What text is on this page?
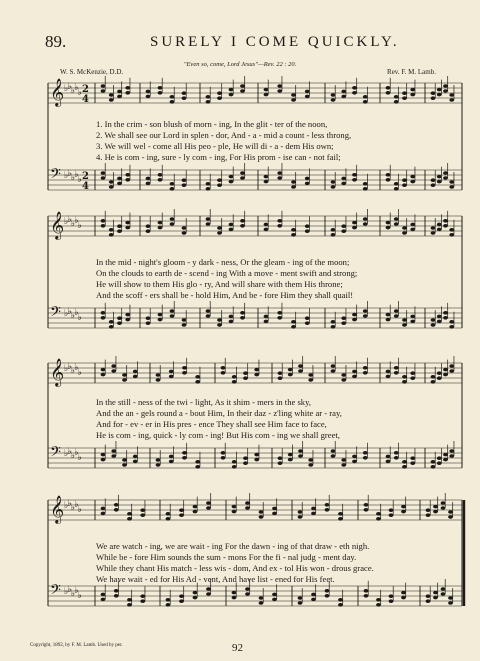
89.	SURELY I COME QUICKLY.
"Even so, come, Lord Jesus"—Rev. 22 : 20.
W. S. McKenzie, D.D.	Rev. F. M. Lamb.
𝄞 ♭ ♭ ♭ ♭ ♭ 2
4
𝄢 ♭ ♭ ♭ ♭ ♭ 2
4
𝄞 ♭ ♭ ♭ ♭ ♭
𝄢 ♭ ♭ ♭ ♭ ♭
𝄞 ♭ ♭ ♭ ♭ ♭
𝄢 ♭ ♭ ♭ ♭ ♭
𝄞 ♭ ♭ ♭ ♭ ♭
𝄢 ♭ ♭ ♭ ♭ ♭
1. In the crim - son blush of morn - ing, In the glit - ter of the noon,
2. We shall see our Lord in splen - dor, And - a - mid a count - less throng,
3. We will wel - come all His peo - ple, He will di - a - dem His own;
4. He is com - ing, sure - ly com - ing, For His prom - ise can - not fail;
In the mid - night's gloom - y dark - ness, Or the gleam - ing of the moon;
On the clouds to earth de - scend - ing With a move - ment swift and strong;
He will show to them His glo - ry, And will share with them His throne;
And the scoff - ers shall be - hold Him, And be - fore Him they shall quail!
In the still - ness of the twi - light, As it shim - mers in the sky,
And the an - gels round a - bout Him, In their daz - z'ling white ar - ray,
And for - ev - er in His pres - ence They shall see Him face to face,
He is com - ing, quick - ly com - ing! But His com - ing we shall greet,
We are watch - ing, we are wait - ing For the dawn - ing of that draw - eth nigh.
While be - fore Him sounds the sum - mons For the fi - nal judg - ment day.
While they chant His match - less wis - dom, And ex - tol His won - drous grace.
We have wait - ed for His Ad - vent, And have list - ened for His feet.
Copyright, 1892, by F. M. Lamb. Used by per.	92
